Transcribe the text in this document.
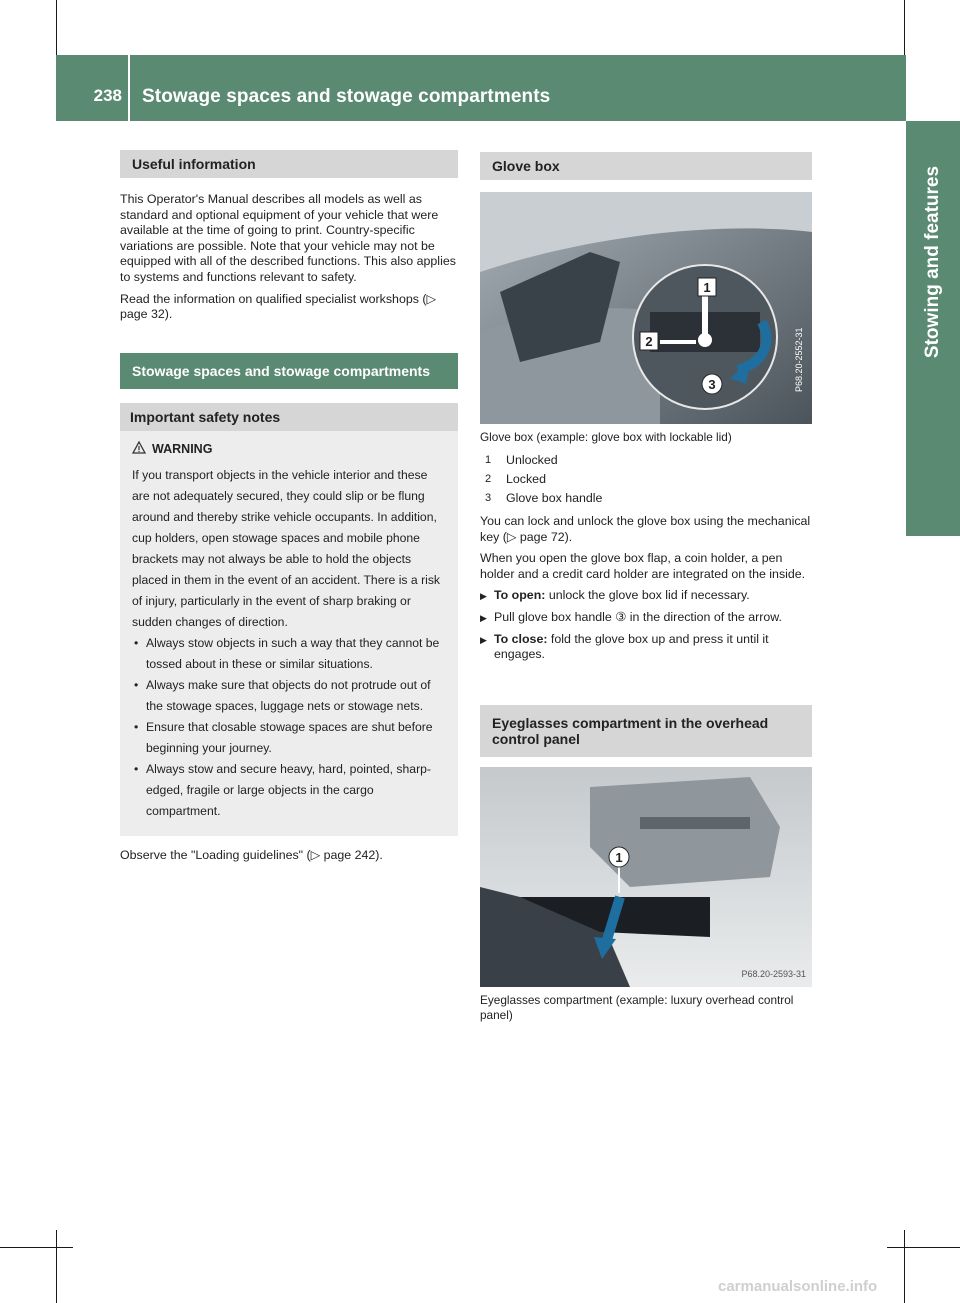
238 Stowage spaces and stowage compartments
Stowing and features
Useful information

This Operator's Manual describes all models as well as standard and optional equipment of your vehicle that were available at the time of going to print. Country-specific variations are possible. Note that your vehicle may not be equipped with all of the described functions. This also applies to systems and functions relevant to safety.

Read the information on qualified specialist workshops (▷ page 32).

Stowage spaces and stowage compartments
Important safety notes
WARNING

If you transport objects in the vehicle interior and these are not adequately secured, they could slip or be flung around and thereby strike vehicle occupants. In addition, cup holders, open stowage spaces and mobile phone brackets may not always be able to hold the objects placed in them in the event of an accident. There is a risk of injury, particularly in the event of sharp braking or sudden changes of direction.

• Always stow objects in such a way that they cannot be tossed about in these or similar situations.
• Always make sure that objects do not protrude out of the stowage spaces, luggage nets or stowage nets.
• Ensure that closable stowage spaces are shut before beginning your journey.
• Always stow and secure heavy, hard, pointed, sharp-edged, fragile or large objects in the cargo compartment.

Observe the "Loading guidelines" (▷ page 242).

Glove box
1
2
3	P68.20-2552-31

Glove box (example: glove box with lockable lid)

1	Unlocked
2	Locked
3	Glove box handle

You can lock and unlock the glove box using the mechanical key (▷ page 72).

When you open the glove box flap, a coin holder, a pen holder and a credit card holder are integrated on the inside.

▶ To open: unlock the glove box lid if necessary.
▶ Pull glove box handle ③ in the direction of the arrow.
▶ To close: fold the glove box up and press it until it engages.
Eyeglasses compartment in the overhead control panel
1
P68.20-2593-31

Eyeglasses compartment (example: luxury overhead control panel)

carmanualsonline.info
